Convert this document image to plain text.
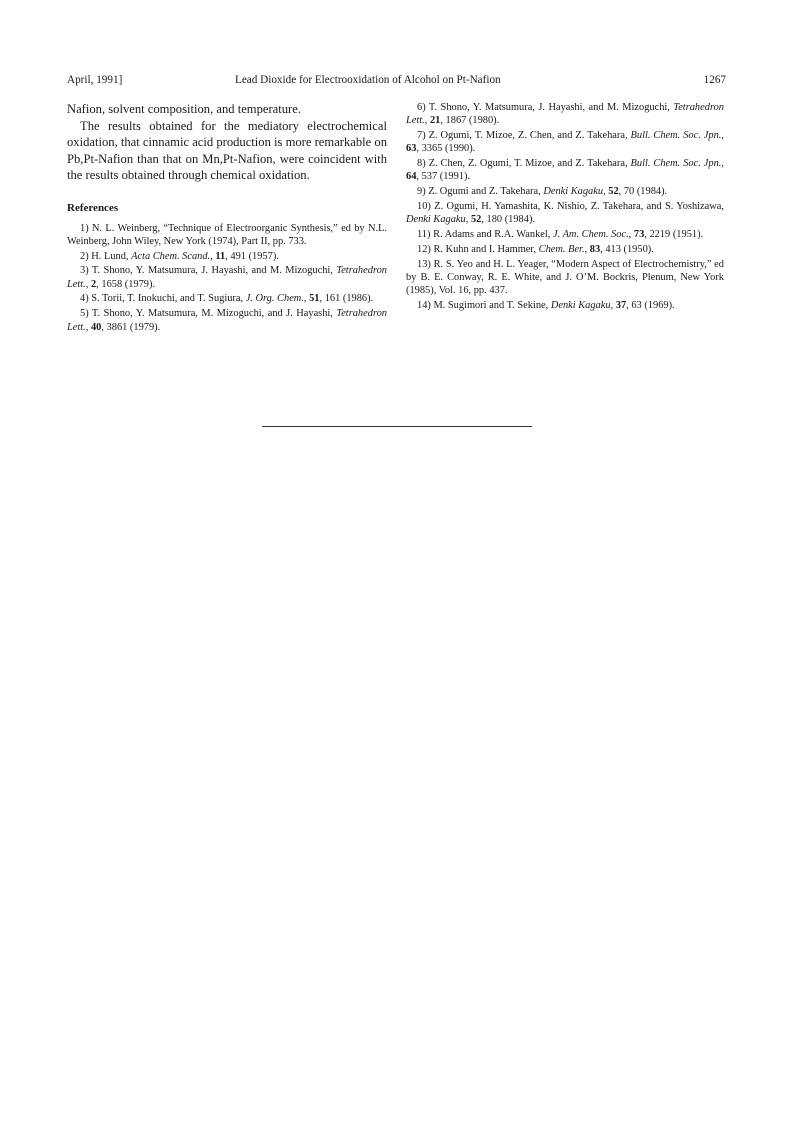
April, 1991]	Lead Dioxide for Electrooxidation of Alcohol on Pt-Nafion	1267

Nafion, solvent composition, and temperature.

The results obtained for the mediatory electrochemical oxidation, that cinnamic acid production is more remarkable on Pb,Pt-Nafion than that on Mn,Pt-Nafion, were coincident with the results obtained through chemical oxidation.

References
1) N. L. Weinberg, “Technique of Electroorganic Synthesis,” ed by N.L. Weinberg, John Wiley, New York (1974), Part II, pp. 733.
2) H. Lund, Acta Chem. Scand., 11, 491 (1957).
3) T. Shono, Y. Matsumura, J. Hayashi, and M. Mizoguchi, Tetrahedron Lett., 2, 1658 (1979).
4) S. Torii, T. Inokuchi, and T. Sugiura, J. Org. Chem., 51, 161 (1986).
5) T. Shono, Y. Matsumura, M. Mizoguchi, and J. Hayashi, Tetrahedron Lett., 40, 3861 (1979).
6) T. Shono, Y. Matsumura, J. Hayashi, and M. Mizoguchi, Tetrahedron Lett., 21, 1867 (1980).
7) Z. Ogumi, T. Mizoe, Z. Chen, and Z. Takehara, Bull. Chem. Soc. Jpn., 63, 3365 (1990).
8) Z. Chen, Z. Ogumi, T. Mizoe, and Z. Takehara, Bull. Chem. Soc. Jpn., 64, 537 (1991).
9) Z. Ogumi and Z. Takehara, Denki Kagaku, 52, 70 (1984).
10) Z. Ogumi, H. Yamashita, K. Nishio, Z. Takehara, and S. Yoshizawa, Denki Kagaku, 52, 180 (1984).
11) R. Adams and R.A. Wankel, J. Am. Chem. Soc., 73, 2219 (1951).
12) R. Kuhn and I. Hammer, Chem. Ber., 83, 413 (1950).
13) R. S. Yeo and H. L. Yeager, “Modern Aspect of Electrochemistry,” ed by B. E. Conway, R. E. White, and J. O’M. Bockris, Plenum, New York (1985), Vol. 16, pp. 437.
14) M. Sugimori and T. Sekine, Denki Kagaku, 37, 63 (1969).
